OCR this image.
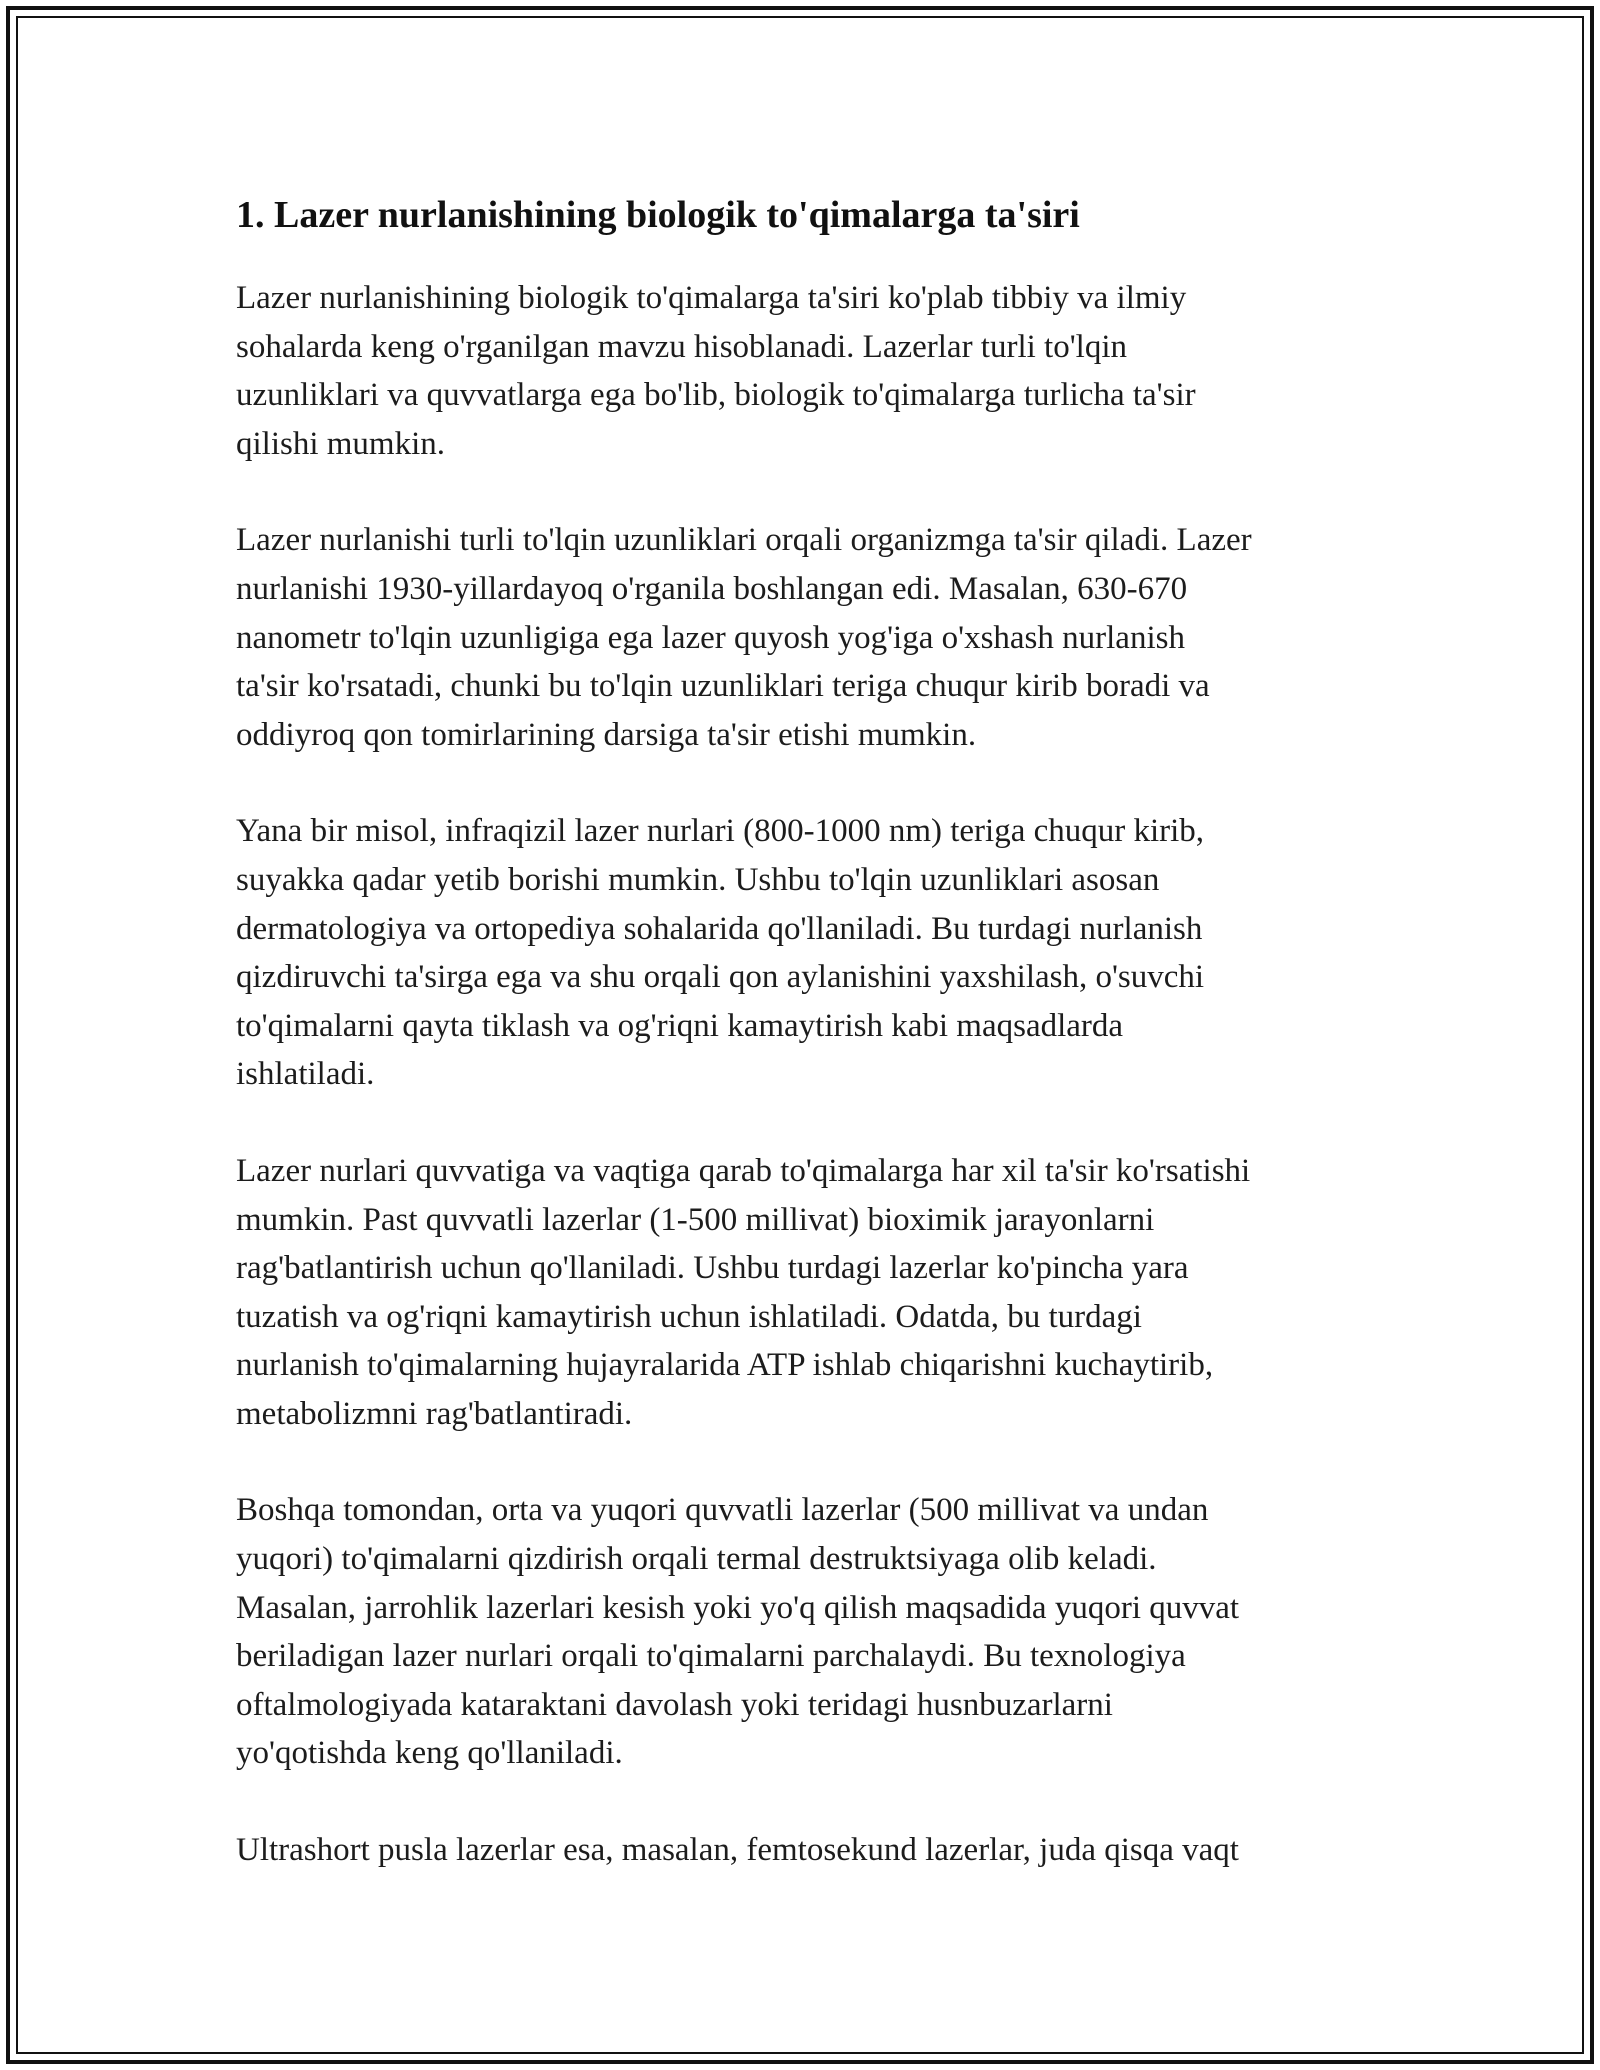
1. Lazer nurlanishining biologik to'qimalarga ta'siri

Lazer nurlanishining biologik to'qimalarga ta'siri ko'plab tibbiy va ilmiy
sohalarda keng o'rganilgan mavzu hisoblanadi. Lazerlar turli to'lqin
uzunliklari va quvvatlarga ega bo'lib, biologik to'qimalarga turlicha ta'sir
qilishi mumkin.

Lazer nurlanishi turli to'lqin uzunliklari orqali organizmga ta'sir qiladi. Lazer
nurlanishi 1930-yillardayoq o'rganila boshlangan edi. Masalan, 630-670
nanometr to'lqin uzunligiga ega lazer quyosh yog'iga o'xshash nurlanish
ta'sir ko'rsatadi, chunki bu to'lqin uzunliklari teriga chuqur kirib boradi va
oddiyroq qon tomirlarining darsiga ta'sir etishi mumkin.

Yana bir misol, infraqizil lazer nurlari (800-1000 nm) teriga chuqur kirib,
suyakka qadar yetib borishi mumkin. Ushbu to'lqin uzunliklari asosan
dermatologiya va ortopediya sohalarida qo'llaniladi. Bu turdagi nurlanish
qizdiruvchi ta'sirga ega va shu orqali qon aylanishini yaxshilash, o'suvchi
to'qimalarni qayta tiklash va og'riqni kamaytirish kabi maqsadlarda
ishlatiladi.

Lazer nurlari quvvatiga va vaqtiga qarab to'qimalarga har xil ta'sir ko'rsatishi
mumkin. Past quvvatli lazerlar (1-500 millivat) bioximik jarayonlarni
rag'batlantirish uchun qo'llaniladi. Ushbu turdagi lazerlar ko'pincha yara
tuzatish va og'riqni kamaytirish uchun ishlatiladi. Odatda, bu turdagi
nurlanish to'qimalarning hujayralarida ATP ishlab chiqarishni kuchaytirib,
metabolizmni rag'batlantiradi.

Boshqa tomondan, orta va yuqori quvvatli lazerlar (500 millivat va undan
yuqori) to'qimalarni qizdirish orqali termal destruktsiyaga olib keladi.
Masalan, jarrohlik lazerlari kesish yoki yo'q qilish maqsadida yuqori quvvat
beriladigan lazer nurlari orqali to'qimalarni parchalaydi. Bu texnologiya
oftalmologiyada kataraktani davolash yoki teridagi husnbuzarlarni
yo'qotishda keng qo'llaniladi.

Ultrashort pusla lazerlar esa, masalan, femtosekund lazerlar, juda qisqa vaqt
